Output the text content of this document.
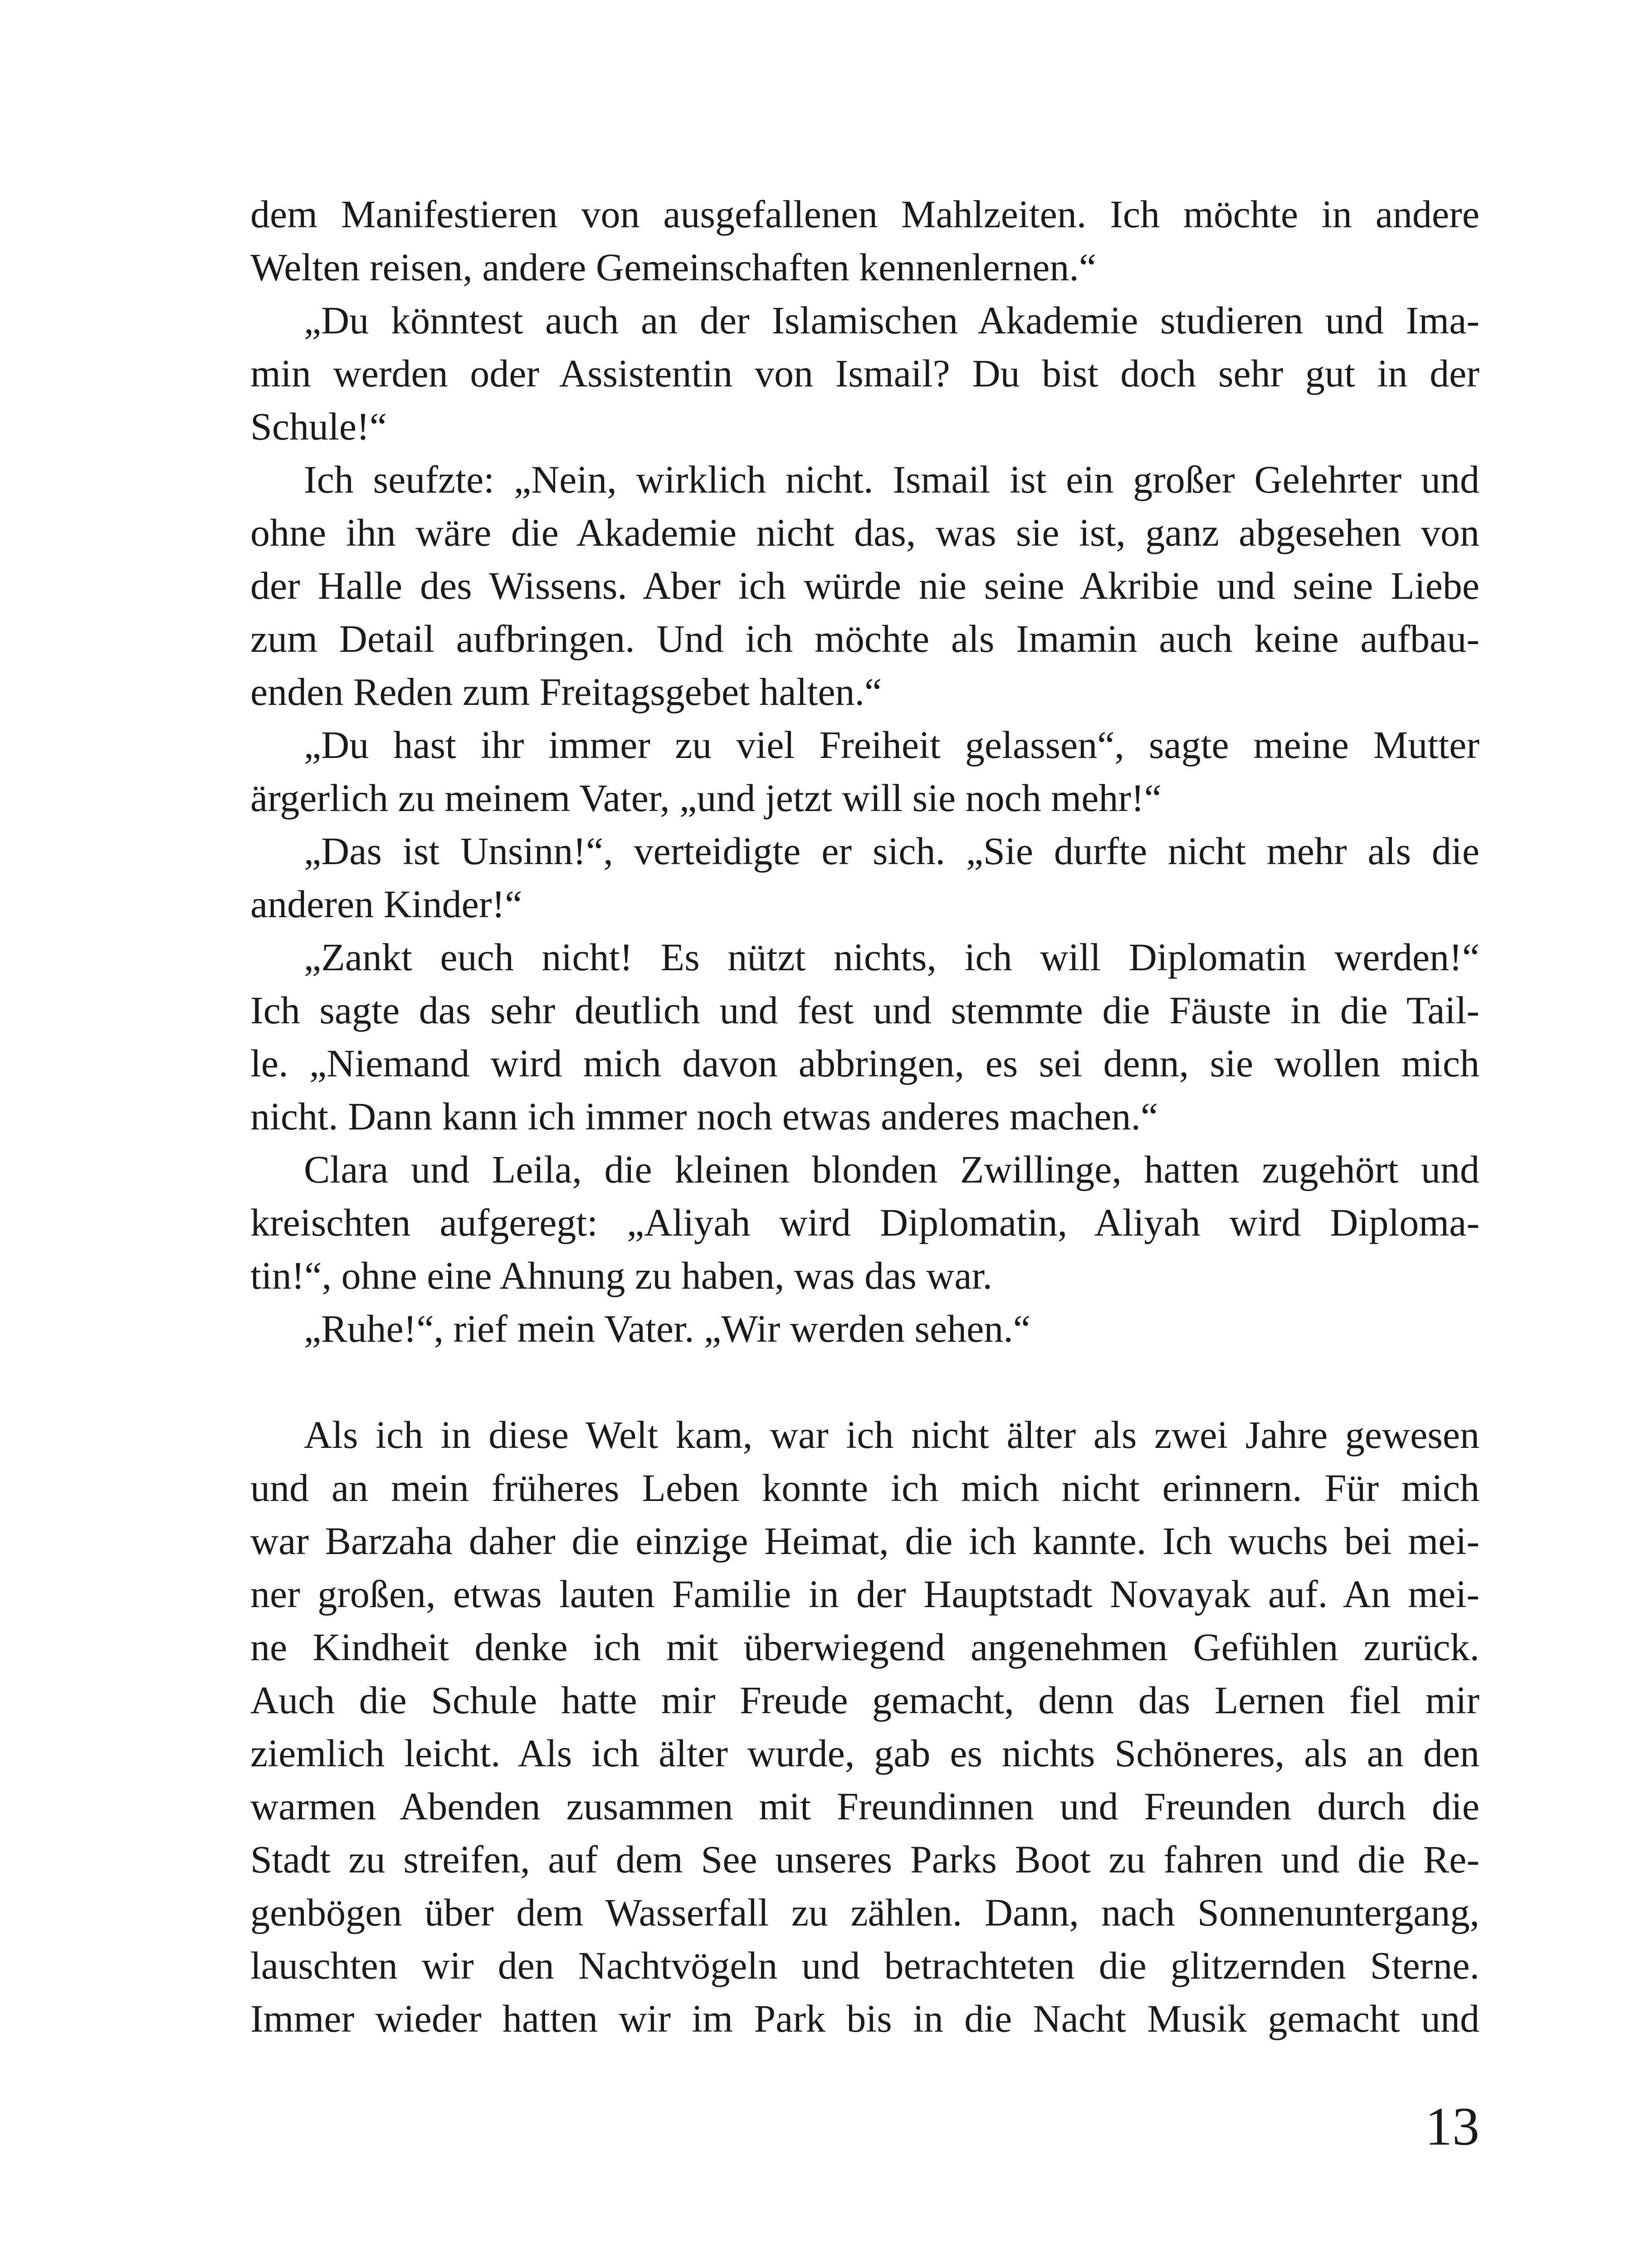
dem Manifestieren von ausgefallenen Mahlzeiten. Ich möchte in andere
Welten reisen, andere Gemeinschaften kennenlernen.“
„Du könntest auch an der Islamischen Akademie studieren und Ima-
min werden oder Assistentin von Ismail? Du bist doch sehr gut in der
Schule!“
Ich seufzte: „Nein, wirklich nicht. Ismail ist ein großer Gelehrter und
ohne ihn wäre die Akademie nicht das, was sie ist, ganz abgesehen von
der Halle des Wissens. Aber ich würde nie seine Akribie und seine Liebe
zum Detail aufbringen. Und ich möchte als Imamin auch keine aufbau-
enden Reden zum Freitagsgebet halten.“
„Du hast ihr immer zu viel Freiheit gelassen“, sagte meine Mutter
ärgerlich zu meinem Vater, „und jetzt will sie noch mehr!“
„Das ist Unsinn!“, verteidigte er sich. „Sie durfte nicht mehr als die
anderen Kinder!“
„Zankt euch nicht! Es nützt nichts, ich will Diplomatin werden!“
Ich sagte das sehr deutlich und fest und stemmte die Fäuste in die Tail-
le. „Niemand wird mich davon abbringen, es sei denn, sie wollen mich
nicht. Dann kann ich immer noch etwas anderes machen.“
Clara und Leila, die kleinen blonden Zwillinge, hatten zugehört und
kreischten aufgeregt: „Aliyah wird Diplomatin, Aliyah wird Diploma-
tin!“, ohne eine Ahnung zu haben, was das war.
„Ruhe!“, rief mein Vater. „Wir werden sehen.“
Als ich in diese Welt kam, war ich nicht älter als zwei Jahre gewesen
und an mein früheres Leben konnte ich mich nicht erinnern. Für mich
war Barzaha daher die einzige Heimat, die ich kannte. Ich wuchs bei mei-
ner großen, etwas lauten Familie in der Hauptstadt Novayak auf. An mei-
ne Kindheit denke ich mit überwiegend angenehmen Gefühlen zurück.
Auch die Schule hatte mir Freude gemacht, denn das Lernen fiel mir
ziemlich leicht. Als ich älter wurde, gab es nichts Schöneres, als an den
warmen Abenden zusammen mit Freundinnen und Freunden durch die
Stadt zu streifen, auf dem See unseres Parks Boot zu fahren und die Re-
genbögen über dem Wasserfall zu zählen. Dann, nach Sonnenuntergang,
lauschten wir den Nachtvögeln und betrachteten die glitzernden Sterne.
Immer wieder hatten wir im Park bis in die Nacht Musik gemacht und
13
